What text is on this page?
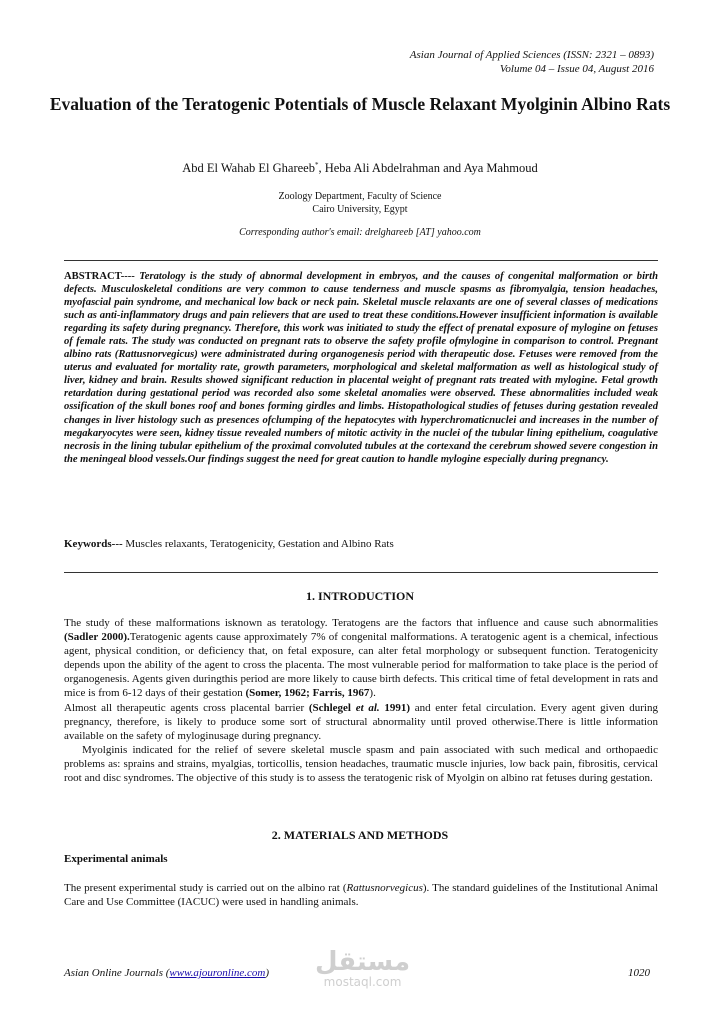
Asian Journal of Applied Sciences (ISSN: 2321 – 0893)
Volume 04 – Issue 04, August 2016
Evaluation of the Teratogenic Potentials of Muscle Relaxant Myolginin Albino Rats
Abd El Wahab El Ghareeb*, Heba Ali Abdelrahman and Aya Mahmoud
Zoology Department, Faculty of Science
Cairo University, Egypt
Corresponding author's email: drelghareeb [AT] yahoo.com
ABSTRACT---- Teratology is the study of abnormal development in embryos, and the causes of congenital malformation or birth defects. Musculoskeletal conditions are very common to cause tenderness and muscle spasms as fibromyalgia, tension headaches, myofascial pain syndrome, and mechanical low back or neck pain. Skeletal muscle relaxants are one of several classes of medications such as anti-inflammatory drugs and pain relievers that are used to treat these conditions.However insufficient information is available regarding its safety during pregnancy. Therefore, this work was initiated to study the effect of prenatal exposure of mylogine on fetuses of female rats. The study was conducted on pregnant rats to observe the safety profile ofmylogine in comparison to control. Pregnant albino rats (Rattusnorvegicus) were administrated during organogenesis period with therapeutic dose. Fetuses were removed from the uterus and evaluated for mortality rate, growth parameters, morphological and skeletal malformation as well as histological study of liver, kidney and brain. Results showed significant reduction in placental weight of pregnant rats treated with mylogine. Fetal growth retardation during gestational period was recorded also some skeletal anomalies were observed. These abnormalities included weak ossification of the skull bones roof and bones forming girdles and limbs. Histopathological studies of fetuses during gestation revealed changes in liver histology such as presences ofclumping of the hepatocytes with hyperchromaticnuclei and increases in the number of megakaryocytes were seen, kidney tissue revealed numbers of mitotic activity in the nuclei of the tubular lining epithelium, coagulative necrosis in the lining tubular epithelium of the proximal convoluted tubules at the cortexand the cerebrum showed severe congestion in the meningeal blood vessels.Our findings suggest the need for great caution to handle mylogine especially during pregnancy.
Keywords--- Muscles relaxants, Teratogenicity, Gestation and Albino Rats
1. INTRODUCTION

The study of these malformations isknown as teratology. Teratogens are the factors that influence and cause such abnormalities (Sadler 2000).Teratogenic agents cause approximately 7% of congenital malformations. A teratogenic agent is a chemical, infectious agent, physical condition, or deficiency that, on fetal exposure, can alter fetal morphology or subsequent function. Teratogenicity depends upon the ability of the agent to cross the placenta. The most vulnerable period for malformation to take place is the period of organogenesis. Agents given duringthis period are more likely to cause birth defects. This critical time of fetal development in rats and mice is from 6-12 days of their gestation (Somer, 1962; Farris, 1967).

Almost all therapeutic agents cross placental barrier (Schlegel et al. 1991) and enter fetal circulation. Every agent given during pregnancy, therefore, is likely to produce some sort of structural abnormality until proved otherwise.There is little information available on the safety of myloginusage during pregnancy.

Myolginis indicated for the relief of severe skeletal muscle spasm and pain associated with such medical and orthopaedic problems as: sprains and strains, myalgias, torticollis, tension headaches, traumatic muscle injuries, low back pain, fibrositis, cervical root and disc syndromes. The objective of this study is to assess the teratogenic risk of Myolgin on albino rat fetuses during gestation.

2. MATERIALS AND METHODS
Experimental animals
The present experimental study is carried out on the albino rat (Rattusnorvegicus). The standard guidelines of the Institutional Animal Care and Use Committee (IACUC) were used in handling animals.
Asian Online Journals (www.ajouronline.com) مستقل
mostaql.com
1020
